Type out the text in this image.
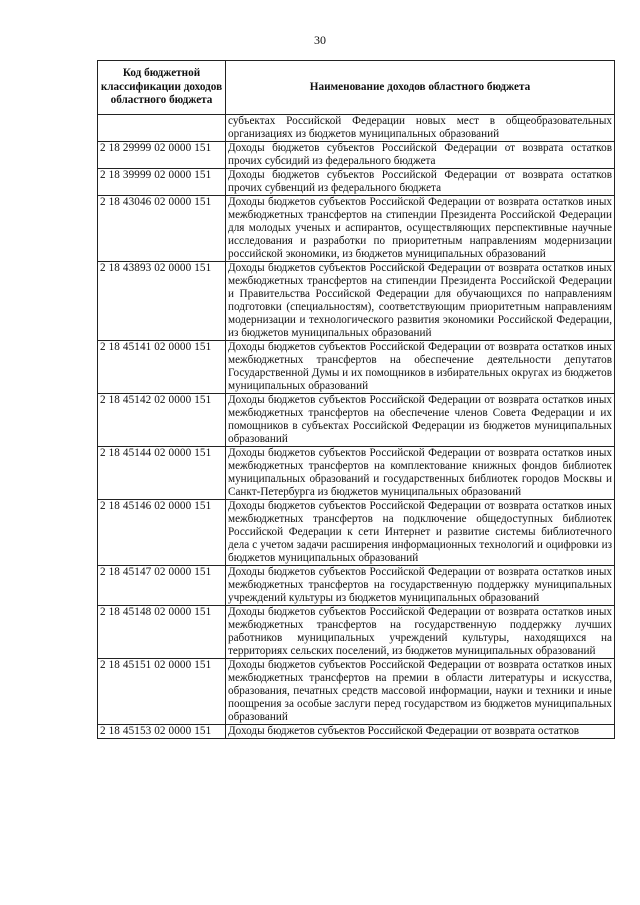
30
Код бюджетной классификации доходов областного бюджета	Наименование доходов областного бюджета
	субъектах Российской Федерации новых мест в общеобразовательных организациях из бюджетов муниципальных образований
2 18 29999 02 0000 151	Доходы бюджетов субъектов Российской Федерации от возврата остатков прочих субсидий из федерального бюджета
2 18 39999 02 0000 151	Доходы бюджетов субъектов Российской Федерации от возврата остатков прочих субвенций из федерального бюджета
2 18 43046 02 0000 151	Доходы бюджетов субъектов Российской Федерации от возврата остатков иных межбюджетных трансфертов на стипендии Президента Российской Федерации для молодых ученых и аспирантов, осуществляющих перспективные научные исследования и разработки по приоритетным направлениям модернизации российской экономики, из бюджетов муниципальных образований
2 18 43893 02 0000 151	Доходы бюджетов субъектов Российской Федерации от возврата остатков иных межбюджетных трансфертов на стипендии Президента Российской Федерации и Правительства Российской Федерации для обучающихся по направлениям подготовки (специальностям), соответствующим приоритетным направлениям модернизации и технологического развития экономики Российской Федерации, из бюджетов муниципальных образований
2 18 45141 02 0000 151	Доходы бюджетов субъектов Российской Федерации от возврата остатков иных межбюджетных трансфертов на обеспечение деятельности депутатов Государственной Думы и их помощников в избирательных округах из бюджетов муниципальных образований
2 18 45142 02 0000 151	Доходы бюджетов субъектов Российской Федерации от возврата остатков иных межбюджетных трансфертов на обеспечение членов Совета Федерации и их помощников в субъектах Российской Федерации из бюджетов муниципальных образований
2 18 45144 02 0000 151	Доходы бюджетов субъектов Российской Федерации от возврата остатков иных межбюджетных трансфертов на комплектование книжных фондов библиотек муниципальных образований и государственных библиотек городов Москвы и Санкт-Петербурга из бюджетов муниципальных образований
2 18 45146 02 0000 151	Доходы бюджетов субъектов Российской Федерации от возврата остатков иных межбюджетных трансфертов на подключение общедоступных библиотек Российской Федерации к сети Интернет и развитие системы библиотечного дела с учетом задачи расширения информационных технологий и оцифровки из бюджетов муниципальных образований
2 18 45147 02 0000 151	Доходы бюджетов субъектов Российской Федерации от возврата остатков иных межбюджетных трансфертов на государственную поддержку муниципальных учреждений культуры из бюджетов муниципальных образований
2 18 45148 02 0000 151	Доходы бюджетов субъектов Российской Федерации от возврата остатков иных межбюджетных трансфертов на государственную поддержку лучших работников муниципальных учреждений культуры, находящихся на территориях сельских поселений, из бюджетов муниципальных образований
2 18 45151 02 0000 151	Доходы бюджетов субъектов Российской Федерации от возврата остатков иных межбюджетных трансфертов на премии в области литературы и искусства, образования, печатных средств массовой информации, науки и техники и иные поощрения за особые заслуги перед государством из бюджетов муниципальных образований
2 18 45153 02 0000 151	Доходы бюджетов субъектов Российской Федерации от возврата остатков
